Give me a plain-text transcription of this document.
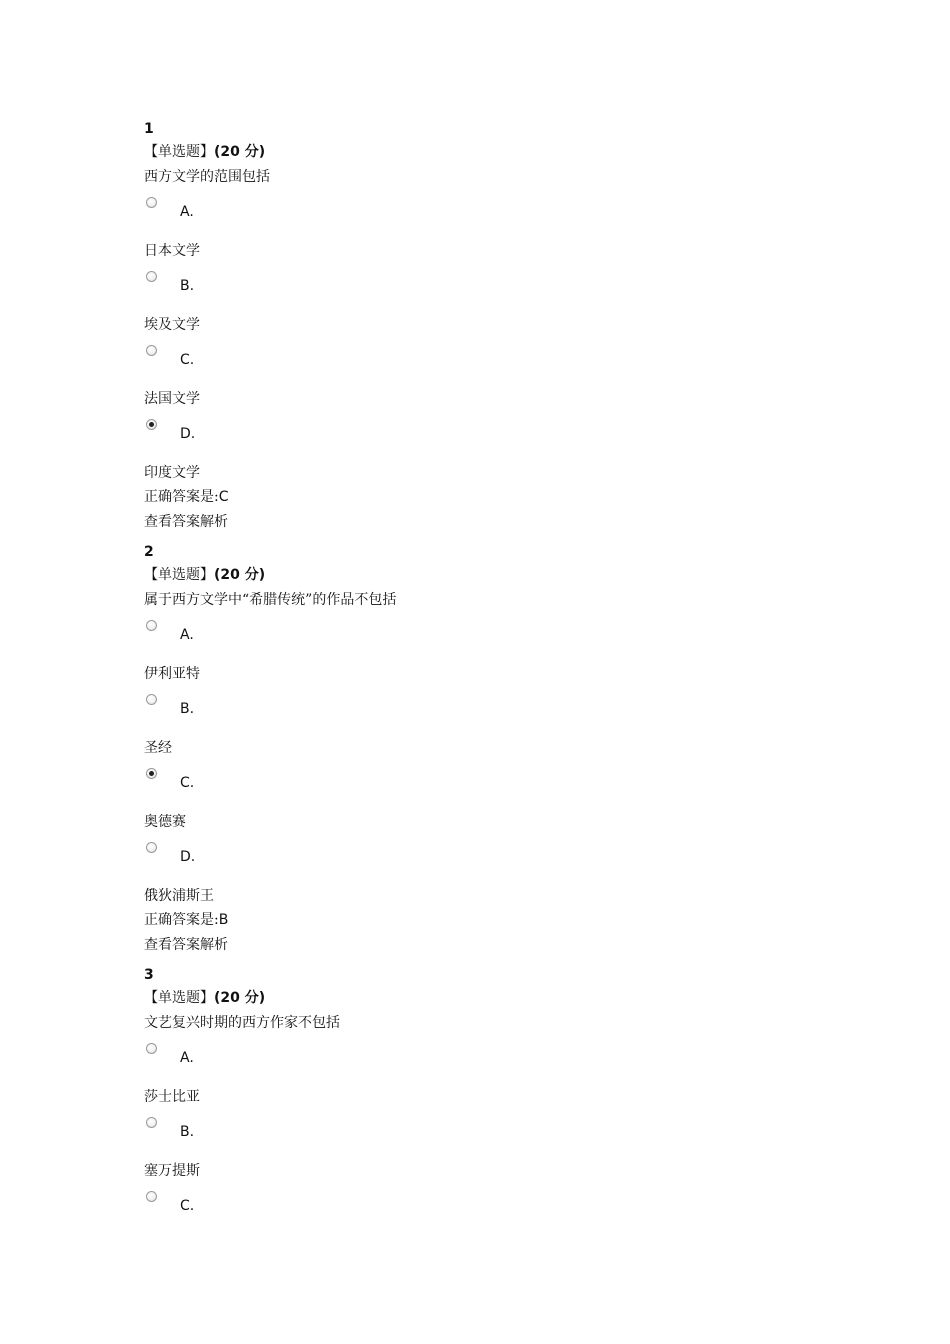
1
【单选题】(20 分)
西方文学的范围包括
A.
日本文学
B.
埃及文学
C.
法国文学
D.
印度文学
正确答案是:C
查看答案解析
2
【单选题】(20 分)
属于西方文学中“希腊传统”的作品不包括
A.
伊利亚特
B.
圣经
C.
奥德赛
D.
俄狄浦斯王
正确答案是:B
查看答案解析
3
【单选题】(20 分)
文艺复兴时期的西方作家不包括
A.
莎士比亚
B.
塞万提斯
C.
